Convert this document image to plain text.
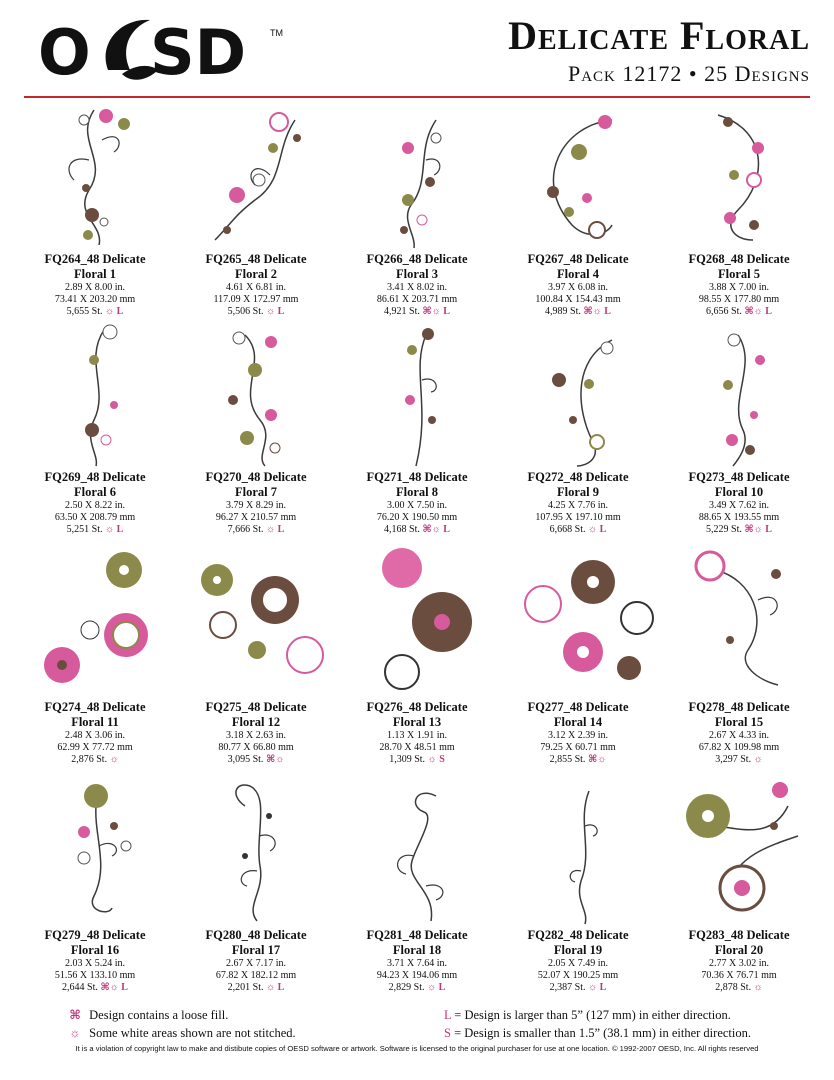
O SD	TM	Delicate Floral
Pack 12172 • 25 Designs
FQ264_48 Delicate
Floral 1
2.89 X 8.00 in.
73.41 X 203.20 mm
5,655 St. ☼ L
FQ265_48 Delicate
Floral 2
4.61 X 6.81 in.
117.09 X 172.97 mm
5,506 St. ☼ L
FQ266_48 Delicate
Floral 3
3.41 X 8.02 in.
86.61 X 203.71 mm
4,921 St. ⌘☼ L
FQ267_48 Delicate
Floral 4
3.97 X 6.08 in.
100.84 X 154.43 mm
4,989 St. ⌘☼ L
FQ268_48 Delicate
Floral 5
3.88 X 7.00 in.
98.55 X 177.80 mm
6,656 St. ⌘☼ L
FQ269_48 Delicate
Floral 6
2.50 X 8.22 in.
63.50 X 208.79 mm
5,251 St. ☼ L
FQ270_48 Delicate
Floral 7
3.79 X 8.29 in.
96.27 X 210.57 mm
7,666 St. ☼ L
FQ271_48 Delicate
Floral 8
3.00 X 7.50 in.
76.20 X 190.50 mm
4,168 St. ⌘☼ L
FQ272_48 Delicate
Floral 9
4.25 X 7.76 in.
107.95 X 197.10 mm
6,668 St. ☼ L
FQ273_48 Delicate
Floral 10
3.49 X 7.62 in.
88.65 X 193.55 mm
5,229 St. ⌘☼ L
FQ274_48 Delicate
Floral 11
2.48 X 3.06 in.
62.99 X 77.72 mm
2,876 St. ☼
FQ275_48 Delicate
Floral 12
3.18 X 2.63 in.
80.77 X 66.80 mm
3,095 St. ⌘☼
FQ276_48 Delicate
Floral 13
1.13 X 1.91 in.
28.70 X 48.51 mm
1,309 St. ☼ S
FQ277_48 Delicate
Floral 14
3.12 X 2.39 in.
79.25 X 60.71 mm
2,855 St. ⌘☼
FQ278_48 Delicate
Floral 15
2.67 X 4.33 in.
67.82 X 109.98 mm
3,297 St. ☼
FQ279_48 Delicate
Floral 16
2.03 X 5.24 in.
51.56 X 133.10 mm
2,644 St. ⌘☼ L
FQ280_48 Delicate
Floral 17
2.67 X 7.17 in.
67.82 X 182.12 mm
2,201 St. ☼ L
FQ281_48 Delicate
Floral 18
3.71 X 7.64 in.
94.23 X 194.06 mm
2,829 St. ☼ L
FQ282_48 Delicate
Floral 19
2.05 X 7.49 in.
52.07 X 190.25 mm
2,387 St. ☼ L
FQ283_48 Delicate
Floral 20
2.77 X 3.02 in.
70.36 X 76.71 mm
2,878 St. ☼
⌘ Design contains a loose fill.
☼ Some white areas shown are not stitched.
L = Design is larger than 5” (127 mm) in either direction.
S = Design is smaller than 1.5” (38.1 mm) in either direction.
It is a violation of copyright law to make and distibute copies of OESD software or artwork. Software is licensed to the original purchaser for use at one location. © 1992-2007 OESD, Inc. All rights reserved
